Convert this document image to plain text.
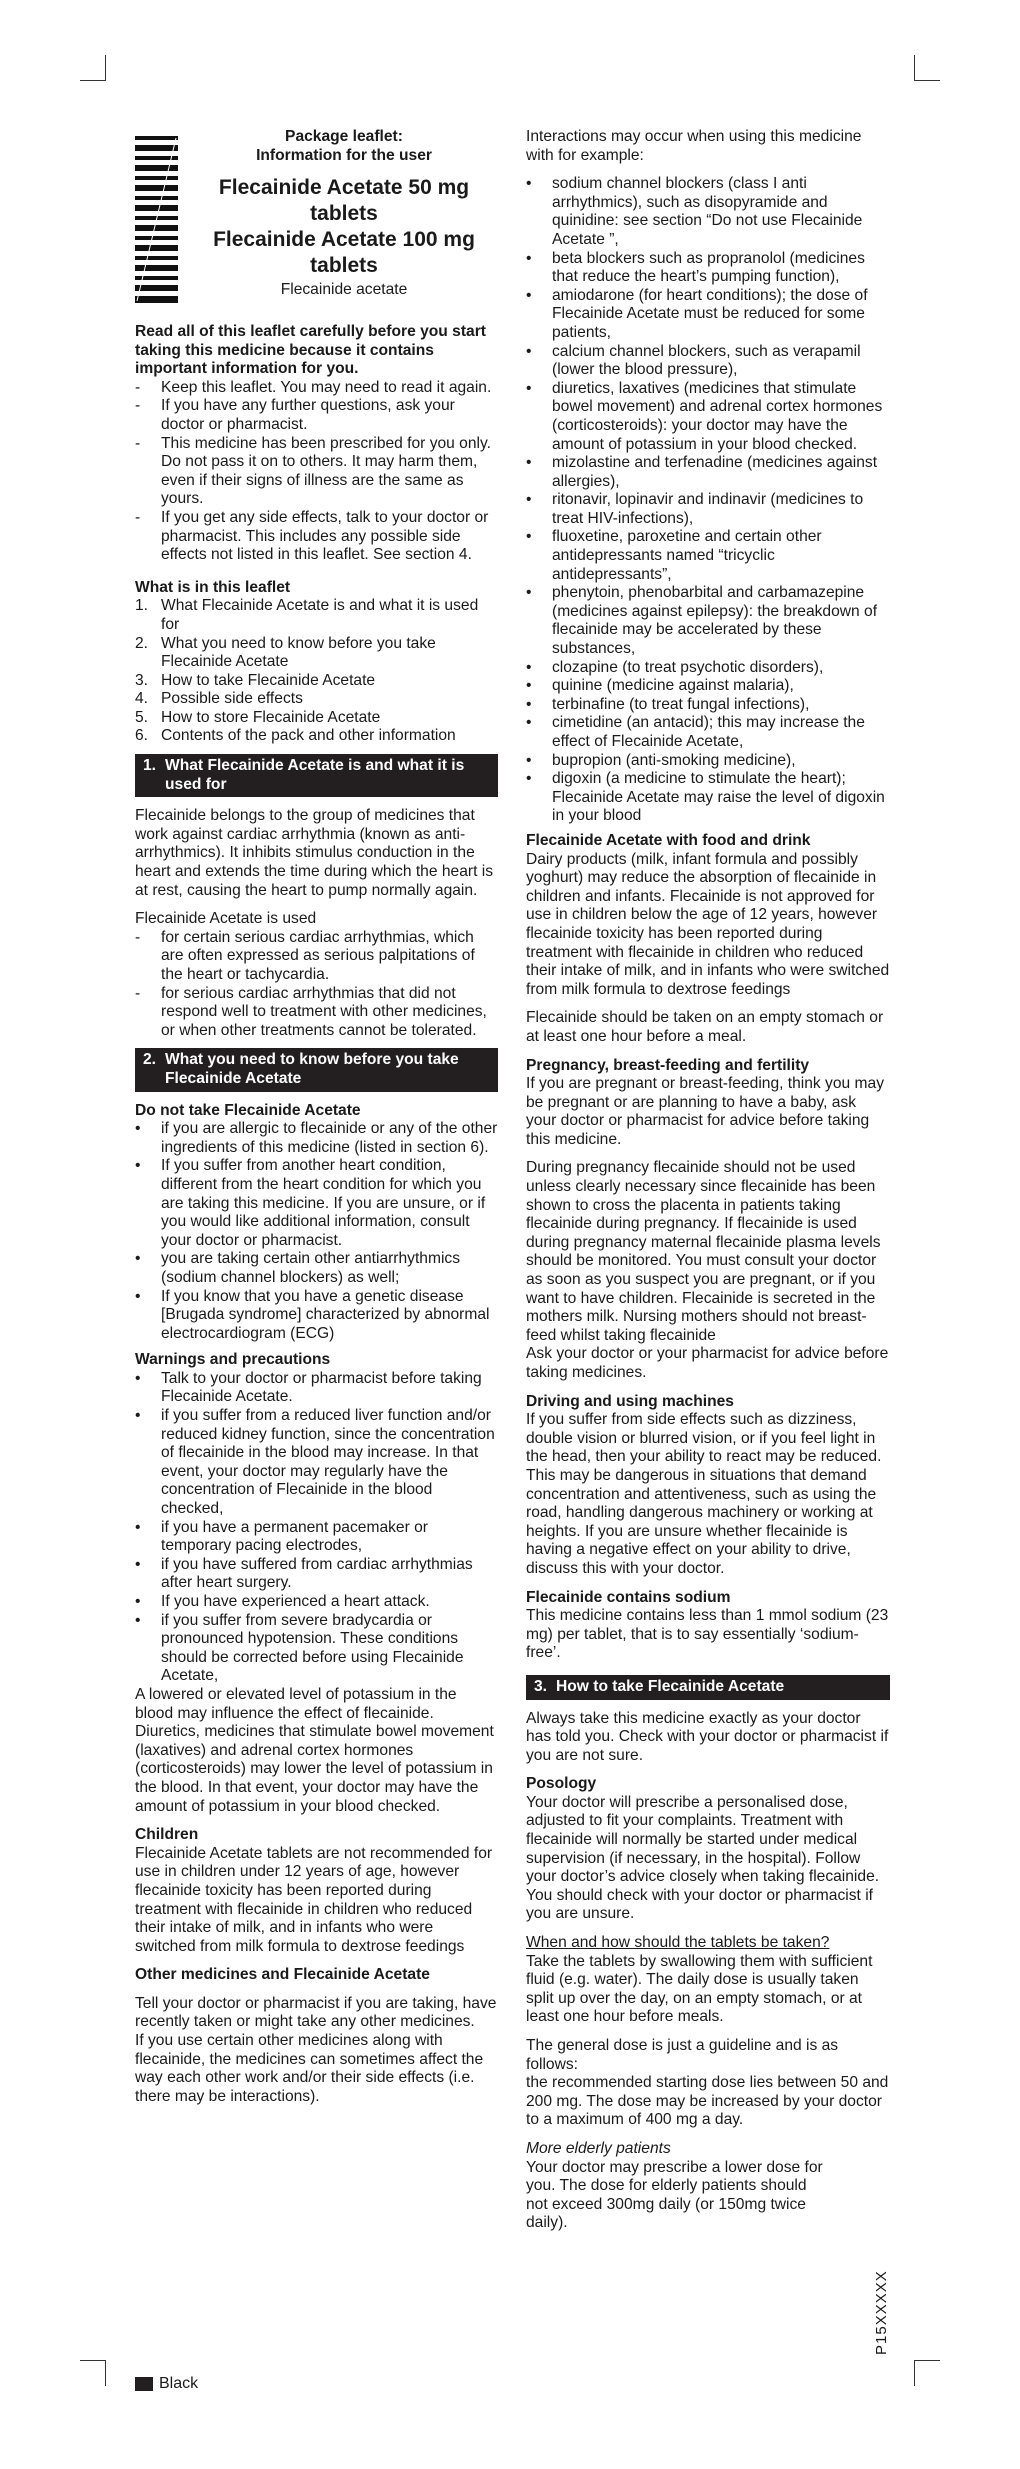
Package leaflet:
Information for the user
Flecainide Acetate 50 mg tablets
Flecainide Acetate 100 mg tablets
Flecainide acetate

Read all of this leaflet carefully before you start taking this medicine because it contains important information for you.

- Keep this leaflet. You may need to read it again.
- If you have any further questions, ask your doctor or pharmacist.
- This medicine has been prescribed for you only. Do not pass it on to others. It may harm them, even if their signs of illness are the same as yours.
- If you get any side effects, talk to your doctor or pharmacist. This includes any possible side effects not listed in this leaflet. See section 4.
What is in this leaflet
1. What Flecainide Acetate is and what it is used for
2. What you need to know before you take Flecainide Acetate
3. How to take Flecainide Acetate
4. Possible side effects
5. How to store Flecainide Acetate
6. Contents of the pack and other information
1. What Flecainide Acetate is and what it is used for

Flecainide belongs to the group of medicines that work against cardiac arrhythmia (known as anti-arrhythmics). It inhibits stimulus conduction in the heart and extends the time during which the heart is at rest, causing the heart to pump normally again.

Flecainide Acetate is used

- for certain serious cardiac arrhythmias, which are often expressed as serious palpitations of the heart or tachycardia.
- for serious cardiac arrhythmias that did not respond well to treatment with other medicines, or when other treatments cannot be tolerated.
2. What you need to know before you take Flecainide Acetate
Do not take Flecainide Acetate
• if you are allergic to flecainide or any of the other ingredients of this medicine (listed in section 6).
• If you suffer from another heart condition, different from the heart condition for which you are taking this medicine. If you are unsure, or if you would like additional information, consult your doctor or pharmacist.
• you are taking certain other antiarrhythmics (sodium channel blockers) as well;
• If you know that you have a genetic disease [Brugada syndrome] characterized by abnormal electrocardiogram (ECG)
Warnings and precautions
• Talk to your doctor or pharmacist before taking Flecainide Acetate.
• if you suffer from a reduced liver function and/or reduced kidney function, since the concentration of flecainide in the blood may increase. In that event, your doctor may regularly have the concentration of Flecainide in the blood checked,
• if you have a permanent pacemaker or temporary pacing electrodes,
• if you have suffered from cardiac arrhythmias after heart surgery.
• If you have experienced a heart attack.
• if you suffer from severe bradycardia or pronounced hypotension. These conditions should be corrected before using Flecainide Acetate,

A lowered or elevated level of potassium in the blood may influence the effect of flecainide. Diuretics, medicines that stimulate bowel movement (laxatives) and adrenal cortex hormones (corticosteroids) may lower the level of potassium in the blood. In that event, your doctor may have the amount of potassium in your blood checked.

Children

Flecainide Acetate tablets are not recommended for use in children under 12 years of age, however flecainide toxicity has been reported during treatment with flecainide in children who reduced their intake of milk, and in infants who were switched from milk formula to dextrose feedings

Other medicines and Flecainide Acetate

Tell your doctor or pharmacist if you are taking, have recently taken or might take any other medicines.

If you use certain other medicines along with flecainide, the medicines can sometimes affect the way each other work and/or their side effects (i.e. there may be interactions).

Interactions may occur when using this medicine with for example:

• sodium channel blockers (class I anti arrhythmics), such as disopyramide and quinidine: see section “Do not use Flecainide Acetate ”,
• beta blockers such as propranolol (medicines that reduce the heart’s pumping function),
• amiodarone (for heart conditions); the dose of Flecainide Acetate must be reduced for some patients,
• calcium channel blockers, such as verapamil (lower the blood pressure),
• diuretics, laxatives (medicines that stimulate bowel movement) and adrenal cortex hormones (corticosteroids): your doctor may have the amount of potassium in your blood checked.
• mizolastine and terfenadine (medicines against allergies),
• ritonavir, lopinavir and indinavir (medicines to treat HIV-infections),
• fluoxetine, paroxetine and certain other antidepressants named “tricyclic antidepressants”,
• phenytoin, phenobarbital and carbamazepine (medicines against epilepsy): the breakdown of flecainide may be accelerated by these substances,
• clozapine (to treat psychotic disorders),
• quinine (medicine against malaria),
• terbinafine (to treat fungal infections),
• cimetidine (an antacid); this may increase the effect of Flecainide Acetate,
• bupropion (anti-smoking medicine),
• digoxin (a medicine to stimulate the heart); Flecainide Acetate may raise the level of digoxin in your blood
Flecainide Acetate with food and drink

Dairy products (milk, infant formula and possibly yoghurt) may reduce the absorption of flecainide in children and infants. Flecainide is not approved for use in children below the age of 12 years, however flecainide toxicity has been reported during treatment with flecainide in children who reduced their intake of milk, and in infants who were switched from milk formula to dextrose feedings

Flecainide should be taken on an empty stomach or at least one hour before a meal.

Pregnancy, breast-feeding and fertility

If you are pregnant or breast-feeding, think you may be pregnant or are planning to have a baby, ask your doctor or pharmacist for advice before taking this medicine.

During pregnancy flecainide should not be used unless clearly necessary since flecainide has been shown to cross the placenta in patients taking flecainide during pregnancy. If flecainide is used during pregnancy maternal flecainide plasma levels should be monitored. You must consult your doctor as soon as you suspect you are pregnant, or if you want to have children. Flecainide is secreted in the mothers milk. Nursing mothers should not breast-feed whilst taking flecainide

Ask your doctor or your pharmacist for advice before taking medicines.

Driving and using machines

If you suffer from side effects such as dizziness, double vision or blurred vision, or if you feel light in the head, then your ability to react may be reduced. This may be dangerous in situations that demand concentration and attentiveness, such as using the road, handling dangerous machinery or working at heights. If you are unsure whether flecainide is having a negative effect on your ability to drive, discuss this with your doctor.

Flecainide contains sodium

This medicine contains less than 1 mmol sodium (23 mg) per tablet, that is to say essentially ‘sodium-free’.

3. How to take Flecainide Acetate

Always take this medicine exactly as your doctor has told you. Check with your doctor or pharmacist if you are not sure.

Posology

Your doctor will prescribe a personalised dose, adjusted to fit your complaints. Treatment with flecainide will normally be started under medical supervision (if necessary, in the hospital). Follow your doctor’s advice closely when taking flecainide. You should check with your doctor or pharmacist if you are unsure.

When and how should the tablets be taken?

Take the tablets by swallowing them with sufficient fluid (e.g. water). The daily dose is usually taken split up over the day, on an empty stomach, or at least one hour before meals.

The general dose is just a guideline and is as follows:

the recommended starting dose lies between 50 and 200 mg. The dose may be increased by your doctor to a maximum of 400 mg a day.

More elderly patients

Your doctor may prescribe a lower dose for you. The dose for elderly patients should not exceed 300mg daily (or 150mg twice daily).

P15XXXXX
Black
